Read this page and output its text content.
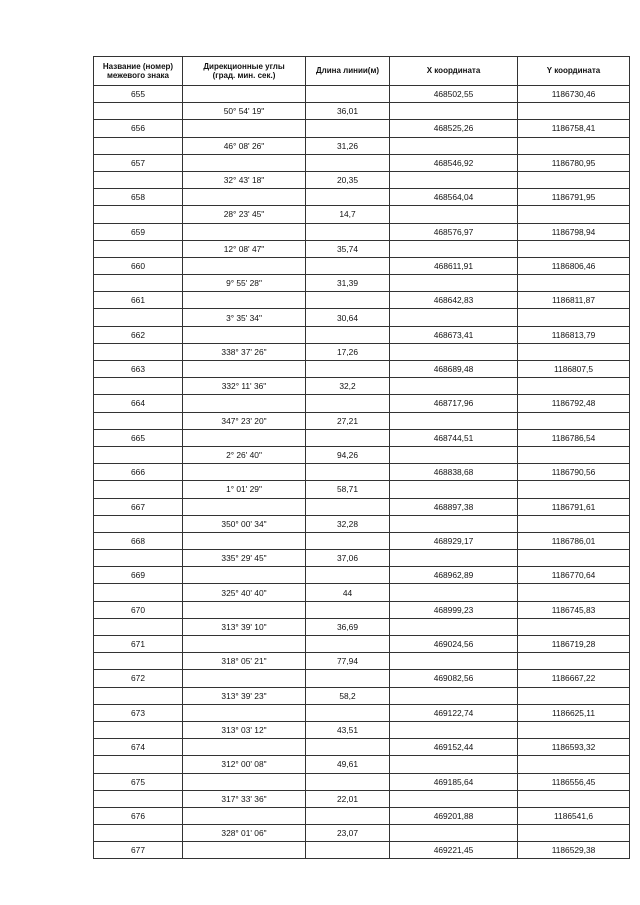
Название (номер)
межевого знака	Дирекционные углы
(град. мин. сек.)	Длина линии(м)	X координата	Y координата
655			468502,55	1186730,46
	50° 54' 19"	36,01		
656			468525,26	1186758,41
	46° 08' 26"	31,26		
657			468546,92	1186780,95
	32° 43' 18"	20,35		
658			468564,04	1186791,95
	28° 23' 45"	14,7		
659			468576,97	1186798,94
	12° 08' 47"	35,74		
660			468611,91	1186806,46
	9° 55' 28"	31,39		
661			468642,83	1186811,87
	3° 35' 34"	30,64		
662			468673,41	1186813,79
	338° 37' 26"	17,26		
663			468689,48	1186807,5
	332° 11' 36"	32,2		
664			468717,96	1186792,48
	347° 23' 20"	27,21		
665			468744,51	1186786,54
	2° 26' 40"	94,26		
666			468838,68	1186790,56
	1° 01' 29"	58,71		
667			468897,38	1186791,61
	350° 00' 34"	32,28		
668			468929,17	1186786,01
	335° 29' 45"	37,06		
669			468962,89	1186770,64
	325° 40' 40"	44		
670			468999,23	1186745,83
	313° 39' 10"	36,69		
671			469024,56	1186719,28
	318° 05' 21"	77,94		
672			469082,56	1186667,22
	313° 39' 23"	58,2		
673			469122,74	1186625,11
	313° 03' 12"	43,51		
674			469152,44	1186593,32
	312° 00' 08"	49,61		
675			469185,64	1186556,45
	317° 33' 36"	22,01		
676			469201,88	1186541,6
	328° 01' 06"	23,07		
677			469221,45	1186529,38
